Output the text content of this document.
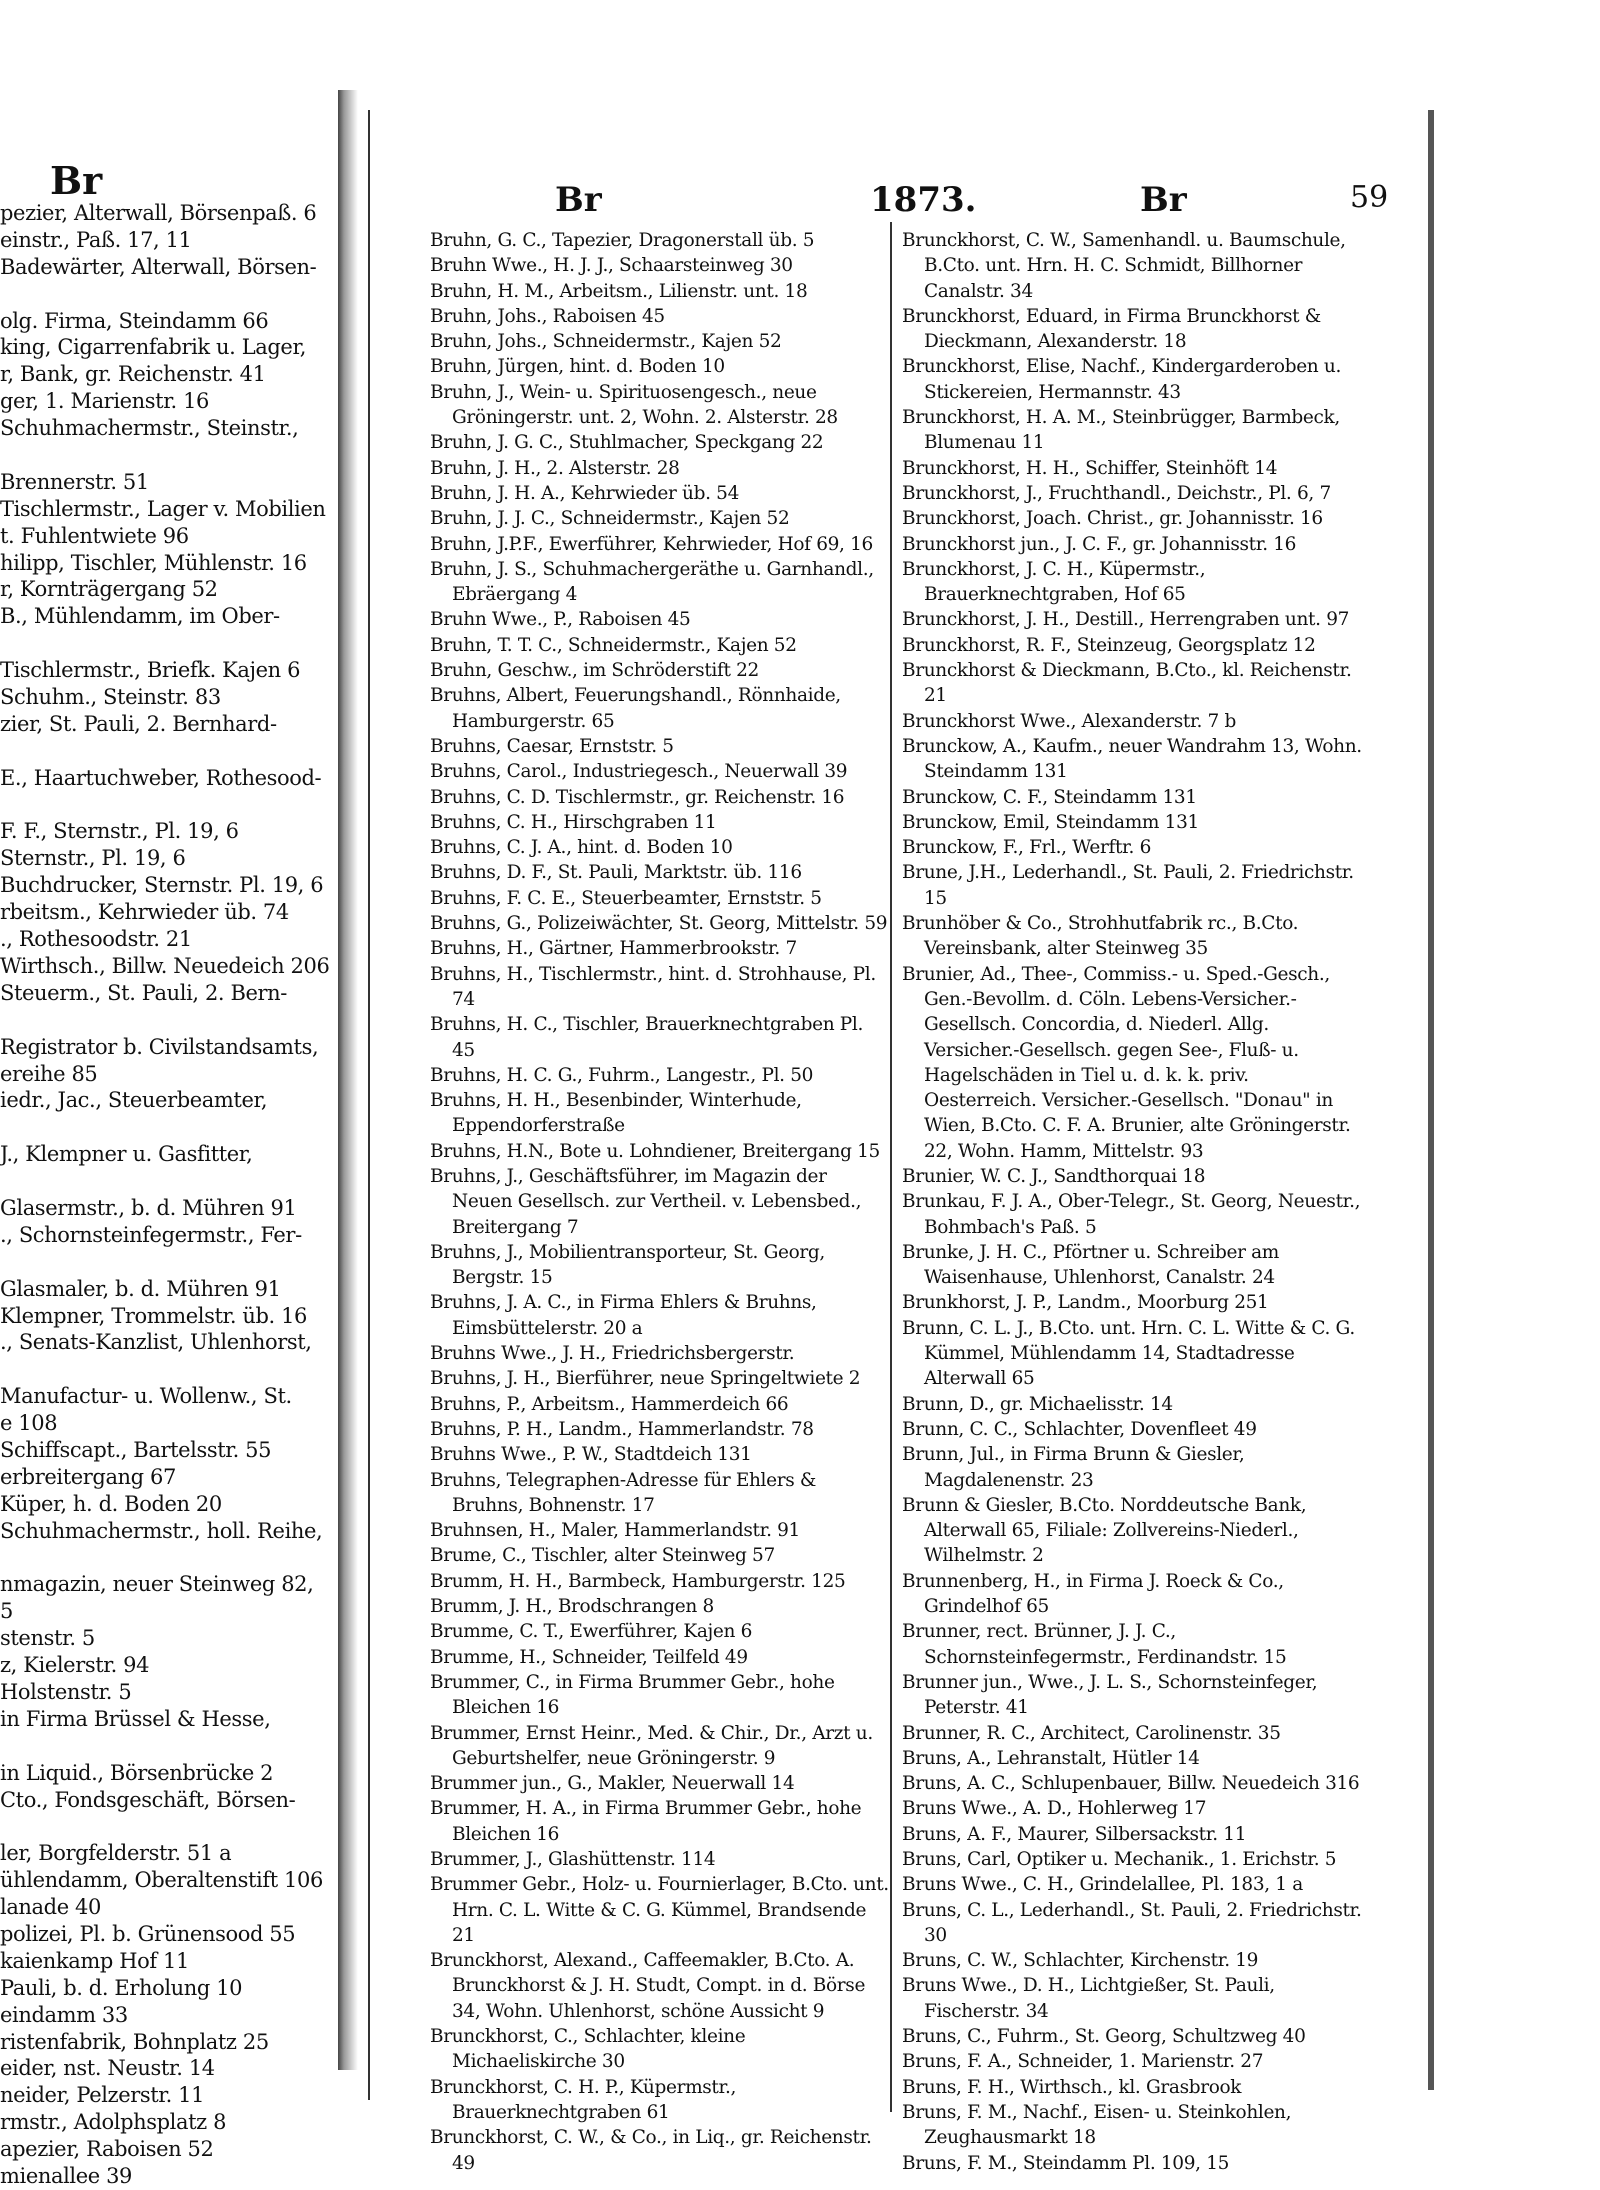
Br
pezier, Alterwall, Börsenpaß. 6
einstr., Paß. 17, 11
Badewärter, Alterwall, Börsen-
olg. Firma, Steindamm 66
king, Cigarrenfabrik u. Lager,
r, Bank, gr. Reichenstr. 41
ger, 1. Marienstr. 16
Schuhmachermstr., Steinstr.,
Brennerstr. 51
Tischlermstr., Lager v. Mobilien
t. Fuhlentwiete 96
hilipp, Tischler, Mühlenstr. 16
r, Kornträgergang 52
B., Mühlendamm, im Ober-
Tischlermstr., Briefk. Kajen 6
Schuhm., Steinstr. 83
zier, St. Pauli, 2. Bernhard-
E., Haartuchweber, Rothesood-
F. F., Sternstr., Pl. 19, 6
Sternstr., Pl. 19, 6
Buchdrucker, Sternstr. Pl. 19, 6
rbeitsm., Kehrwieder üb. 74
., Rothesoodstr. 21
Wirthsch., Billw. Neuedeich 206
Steuerm., St. Pauli, 2. Bern-
Registrator b. Civilstandsamts,
ereihe 85
iedr., Jac., Steuerbeamter,
J., Klempner u. Gasfitter,
Glasermstr., b. d. Mühren 91
., Schornsteinfegermstr., Fer-
Glasmaler, b. d. Mühren 91
Klempner, Trommelstr. üb. 16
., Senats-Kanzlist, Uhlenhorst,
Manufactur- u. Wollenw., St.
e 108
Schiffscapt., Bartelsstr. 55
erbreitergang 67
Küper, h. d. Boden 20
Schuhmachermstr., holl. Reihe,
nmagazin, neuer Steinweg 82,
5
stenstr. 5
z, Kielerstr. 94
Holstenstr. 5
in Firma Brüssel & Hesse,
in Liquid., Börsenbrücke 2
Cto., Fondsgeschäft, Börsen-
ler, Borgfelderstr. 51 a
ühlendamm, Oberaltenstift 106
lanade 40
polizei, Pl. b. Grünensood 55
kaienkamp Hof 11
Pauli, b. d. Erholung 10
eindamm 33
ristenfabrik, Bohnplatz 25
eider, nst. Neustr. 14
neider, Pelzerstr. 11
rmstr., Adolphsplatz 8
apezier, Raboisen 52
mienallee 39
Br	1873.	Br	59
Bruhn, G. C., Tapezier, Dragonerstall üb. 5
Bruhn Wwe., H. J. J., Schaarsteinweg 30
Bruhn, H. M., Arbeitsm., Lilienstr. unt. 18
Bruhn, Johs., Raboisen 45
Bruhn, Johs., Schneidermstr., Kajen 52
Bruhn, Jürgen, hint. d. Boden 10
Bruhn, J., Wein- u. Spirituosengesch., neue Gröningerstr. unt. 2, Wohn. 2. Alsterstr. 28
Bruhn, J. G. C., Stuhlmacher, Speckgang 22
Bruhn, J. H., 2. Alsterstr. 28
Bruhn, J. H. A., Kehrwieder üb. 54
Bruhn, J. J. C., Schneidermstr., Kajen 52
Bruhn, J.P.F., Ewerführer, Kehrwieder, Hof 69, 16
Bruhn, J. S., Schuhmachergeräthe u. Garnhandl., Ebräergang 4
Bruhn Wwe., P., Raboisen 45
Bruhn, T. T. C., Schneidermstr., Kajen 52
Bruhn, Geschw., im Schröderstift 22
Bruhns, Albert, Feuerungshandl., Rönnhaide, Hamburgerstr. 65
Bruhns, Caesar, Ernststr. 5
Bruhns, Carol., Industriegesch., Neuerwall 39
Bruhns, C. D. Tischlermstr., gr. Reichenstr. 16
Bruhns, C. H., Hirschgraben 11
Bruhns, C. J. A., hint. d. Boden 10
Bruhns, D. F., St. Pauli, Marktstr. üb. 116
Bruhns, F. C. E., Steuerbeamter, Ernststr. 5
Bruhns, G., Polizeiwächter, St. Georg, Mittelstr. 59
Bruhns, H., Gärtner, Hammerbrookstr. 7
Bruhns, H., Tischlermstr., hint. d. Strohhause, Pl. 74
Bruhns, H. C., Tischler, Brauerknechtgraben Pl. 45
Bruhns, H. C. G., Fuhrm., Langestr., Pl. 50
Bruhns, H. H., Besenbinder, Winterhude, Eppendorferstraße
Bruhns, H.N., Bote u. Lohndiener, Breitergang 15
Bruhns, J., Geschäftsführer, im Magazin der Neuen Gesellsch. zur Vertheil. v. Lebensbed., Breitergang 7
Bruhns, J., Mobilientransporteur, St. Georg, Bergstr. 15
Bruhns, J. A. C., in Firma Ehlers & Bruhns, Eimsbüttelerstr. 20 a
Bruhns Wwe., J. H., Friedrichsbergerstr.
Bruhns, J. H., Bierführer, neue Springeltwiete 2
Bruhns, P., Arbeitsm., Hammerdeich 66
Bruhns, P. H., Landm., Hammerlandstr. 78
Bruhns Wwe., P. W., Stadtdeich 131
Bruhns, Telegraphen-Adresse für Ehlers & Bruhns, Bohnenstr. 17
Bruhnsen, H., Maler, Hammerlandstr. 91
Brume, C., Tischler, alter Steinweg 57
Brumm, H. H., Barmbeck, Hamburgerstr. 125
Brumm, J. H., Brodschrangen 8
Brumme, C. T., Ewerführer, Kajen 6
Brumme, H., Schneider, Teilfeld 49
Brummer, C., in Firma Brummer Gebr., hohe Bleichen 16
Brummer, Ernst Heinr., Med. & Chir., Dr., Arzt u. Geburtshelfer, neue Gröningerstr. 9
Brummer jun., G., Makler, Neuerwall 14
Brummer, H. A., in Firma Brummer Gebr., hohe Bleichen 16
Brummer, J., Glashüttenstr. 114
Brummer Gebr., Holz- u. Fournierlager, B.Cto. unt. Hrn. C. L. Witte & C. G. Kümmel, Brandsende 21
Brunckhorst, Alexand., Caffeemakler, B.Cto. A. Brunckhorst & J. H. Studt, Compt. in d. Börse 34, Wohn. Uhlenhorst, schöne Aussicht 9
Brunckhorst, C., Schlachter, kleine Michaeliskirche 30
Brunckhorst, C. H. P., Küpermstr., Brauerknechtgraben 61
Brunckhorst, C. W., & Co., in Liq., gr. Reichenstr. 49
Brunckhorst, C. W., Samenhandl. u. Baumschule, B.Cto. unt. Hrn. H. C. Schmidt, Billhorner Canalstr. 34
Brunckhorst, Eduard, in Firma Brunckhorst & Dieckmann, Alexanderstr. 18
Brunckhorst, Elise, Nachf., Kindergarderoben u. Stickereien, Hermannstr. 43
Brunckhorst, H. A. M., Steinbrügger, Barmbeck, Blumenau 11
Brunckhorst, H. H., Schiffer, Steinhöft 14
Brunckhorst, J., Fruchthandl., Deichstr., Pl. 6, 7
Brunckhorst, Joach. Christ., gr. Johannisstr. 16
Brunckhorst jun., J. C. F., gr. Johannisstr. 16
Brunckhorst, J. C. H., Küpermstr., Brauerknechtgraben, Hof 65
Brunckhorst, J. H., Destill., Herrengraben unt. 97
Brunckhorst, R. F., Steinzeug, Georgsplatz 12
Brunckhorst & Dieckmann, B.Cto., kl. Reichenstr. 21
Brunckhorst Wwe., Alexanderstr. 7 b
Brunckow, A., Kaufm., neuer Wandrahm 13, Wohn. Steindamm 131
Brunckow, C. F., Steindamm 131
Brunckow, Emil, Steindamm 131
Brunckow, F., Frl., Werftr. 6
Brune, J.H., Lederhandl., St. Pauli, 2. Friedrichstr. 15
Brunhöber & Co., Strohhutfabrik rc., B.Cto. Vereinsbank, alter Steinweg 35
Brunier, Ad., Thee-, Commiss.- u. Sped.-Gesch., Gen.-Bevollm. d. Cöln. Lebens-Versicher.-Gesellsch. Concordia, d. Niederl. Allg. Versicher.-Gesellsch. gegen See-, Fluß- u. Hagelschäden in Tiel u. d. k. k. priv. Oesterreich. Versicher.-Gesellsch. "Donau" in Wien, B.Cto. C. F. A. Brunier, alte Gröningerstr. 22, Wohn. Hamm, Mittelstr. 93
Brunier, W. C. J., Sandthorquai 18
Brunkau, F. J. A., Ober-Telegr., St. Georg, Neuestr., Bohmbach's Paß. 5
Brunke, J. H. C., Pförtner u. Schreiber am Waisenhause, Uhlenhorst, Canalstr. 24
Brunkhorst, J. P., Landm., Moorburg 251
Brunn, C. L. J., B.Cto. unt. Hrn. C. L. Witte & C. G. Kümmel, Mühlendamm 14, Stadtadresse Alterwall 65
Brunn, D., gr. Michaelisstr. 14
Brunn, C. C., Schlachter, Dovenfleet 49
Brunn, Jul., in Firma Brunn & Giesler, Magdalenenstr. 23
Brunn & Giesler, B.Cto. Norddeutsche Bank, Alterwall 65, Filiale: Zollvereins-Niederl., Wilhelmstr. 2
Brunnenberg, H., in Firma J. Roeck & Co., Grindelhof 65
Brunner, rect. Brünner, J. J. C., Schornsteinfegermstr., Ferdinandstr. 15
Brunner jun., Wwe., J. L. S., Schornsteinfeger, Peterstr. 41
Brunner, R. C., Architect, Carolinenstr. 35
Bruns, A., Lehranstalt, Hütler 14
Bruns, A. C., Schlupenbauer, Billw. Neuedeich 316
Bruns Wwe., A. D., Hohlerweg 17
Bruns, A. F., Maurer, Silbersackstr. 11
Bruns, Carl, Optiker u. Mechanik., 1. Erichstr. 5
Bruns Wwe., C. H., Grindelallee, Pl. 183, 1 a
Bruns, C. L., Lederhandl., St. Pauli, 2. Friedrichstr. 30
Bruns, C. W., Schlachter, Kirchenstr. 19
Bruns Wwe., D. H., Lichtgießer, St. Pauli, Fischerstr. 34
Bruns, C., Fuhrm., St. Georg, Schultzweg 40
Bruns, F. A., Schneider, 1. Marienstr. 27
Bruns, F. H., Wirthsch., kl. Grasbrook
Bruns, F. M., Nachf., Eisen- u. Steinkohlen, Zeughausmarkt 18
Bruns, F. M., Steindamm Pl. 109, 15
